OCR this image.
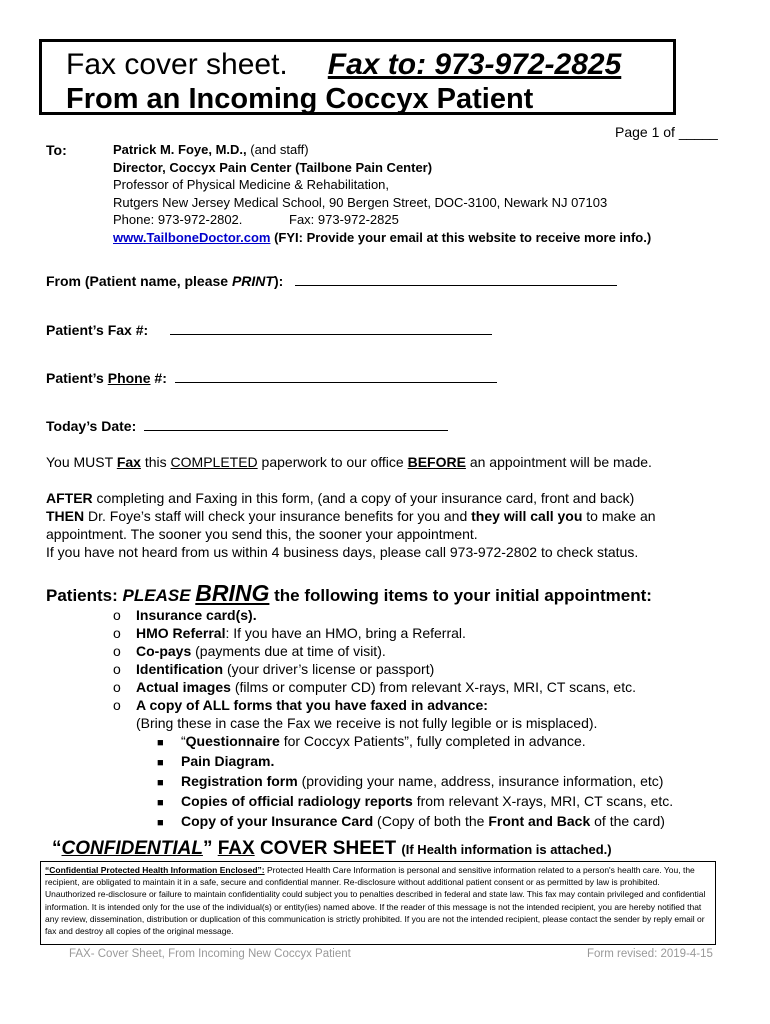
Fax cover sheet. Fax to: 973-972-2825
From an Incoming Coccyx Patient
Page 1 of _____
To:	Patrick M. Foye, M.D., (and staff)
Director, Coccyx Pain Center (Tailbone Pain Center)
Professor of Physical Medicine & Rehabilitation,
Rutgers New Jersey Medical School, 90 Bergen Street, DOC-3100, Newark NJ 07103
Phone: 973-972-2802.	Fax: 973-972-2825
www.TailboneDoctor.com (FYI: Provide your email at this website to receive more info.)
From (Patient name, please PRINT):
Patient’s Fax #:
Patient’s Phone #:
Today’s Date:
You MUST Fax this COMPLETED paperwork to our office BEFORE an appointment will be made.
AFTER completing and Faxing in this form, (and a copy of your insurance card, front and back)
THEN Dr. Foye’s staff will check your insurance benefits for you and they will call you to make an
appointment. The sooner you send this, the sooner your appointment.
If you have not heard from us within 4 business days, please call 973-972-2802 to check status.
Patients: PLEASE BRING the following items to your initial appointment:
o Insurance card(s).
o HMO Referral: If you have an HMO, bring a Referral.
o Co-pays (payments due at time of visit).
o Identification (your driver’s license or passport)
o Actual images (films or computer CD) from relevant X-rays, MRI, CT scans, etc.
o A copy of ALL forms that you have faxed in advance:
(Bring these in case the Fax we receive is not fully legible or is misplaced).
■ “Questionnaire for Coccyx Patients”, fully completed in advance.
■ Pain Diagram.
■ Registration form (providing your name, address, insurance information, etc)
■ Copies of official radiology reports from relevant X-rays, MRI, CT scans, etc.
■ Copy of your Insurance Card (Copy of both the Front and Back of the card)
“CONFIDENTIAL” FAX COVER SHEET (If Health information is attached.)
“Confidential Protected Health Information Enclosed”: Protected Health Care Information is personal and sensitive information related to a person's health care. You, the recipient, are obligated to maintain it in a safe, secure and confidential manner. Re-disclosure without additional patient consent or as permitted by law is prohibited. Unauthorized re-disclosure or failure to maintain confidentiality could subject you to penalties described in federal and state law. This fax may contain privileged and confidential information. It is intended only for the use of the individual(s) or entity(ies) named above. If the reader of this message is not the intended recipient, you are hereby notified that any review, dissemination, distribution or duplication of this communication is strictly prohibited. If you are not the intended recipient, please contact the sender by reply email or fax and destroy all copies of the original message.
FAX- Cover Sheet, From Incoming New Coccyx Patient	Form revised: 2019-4-15
